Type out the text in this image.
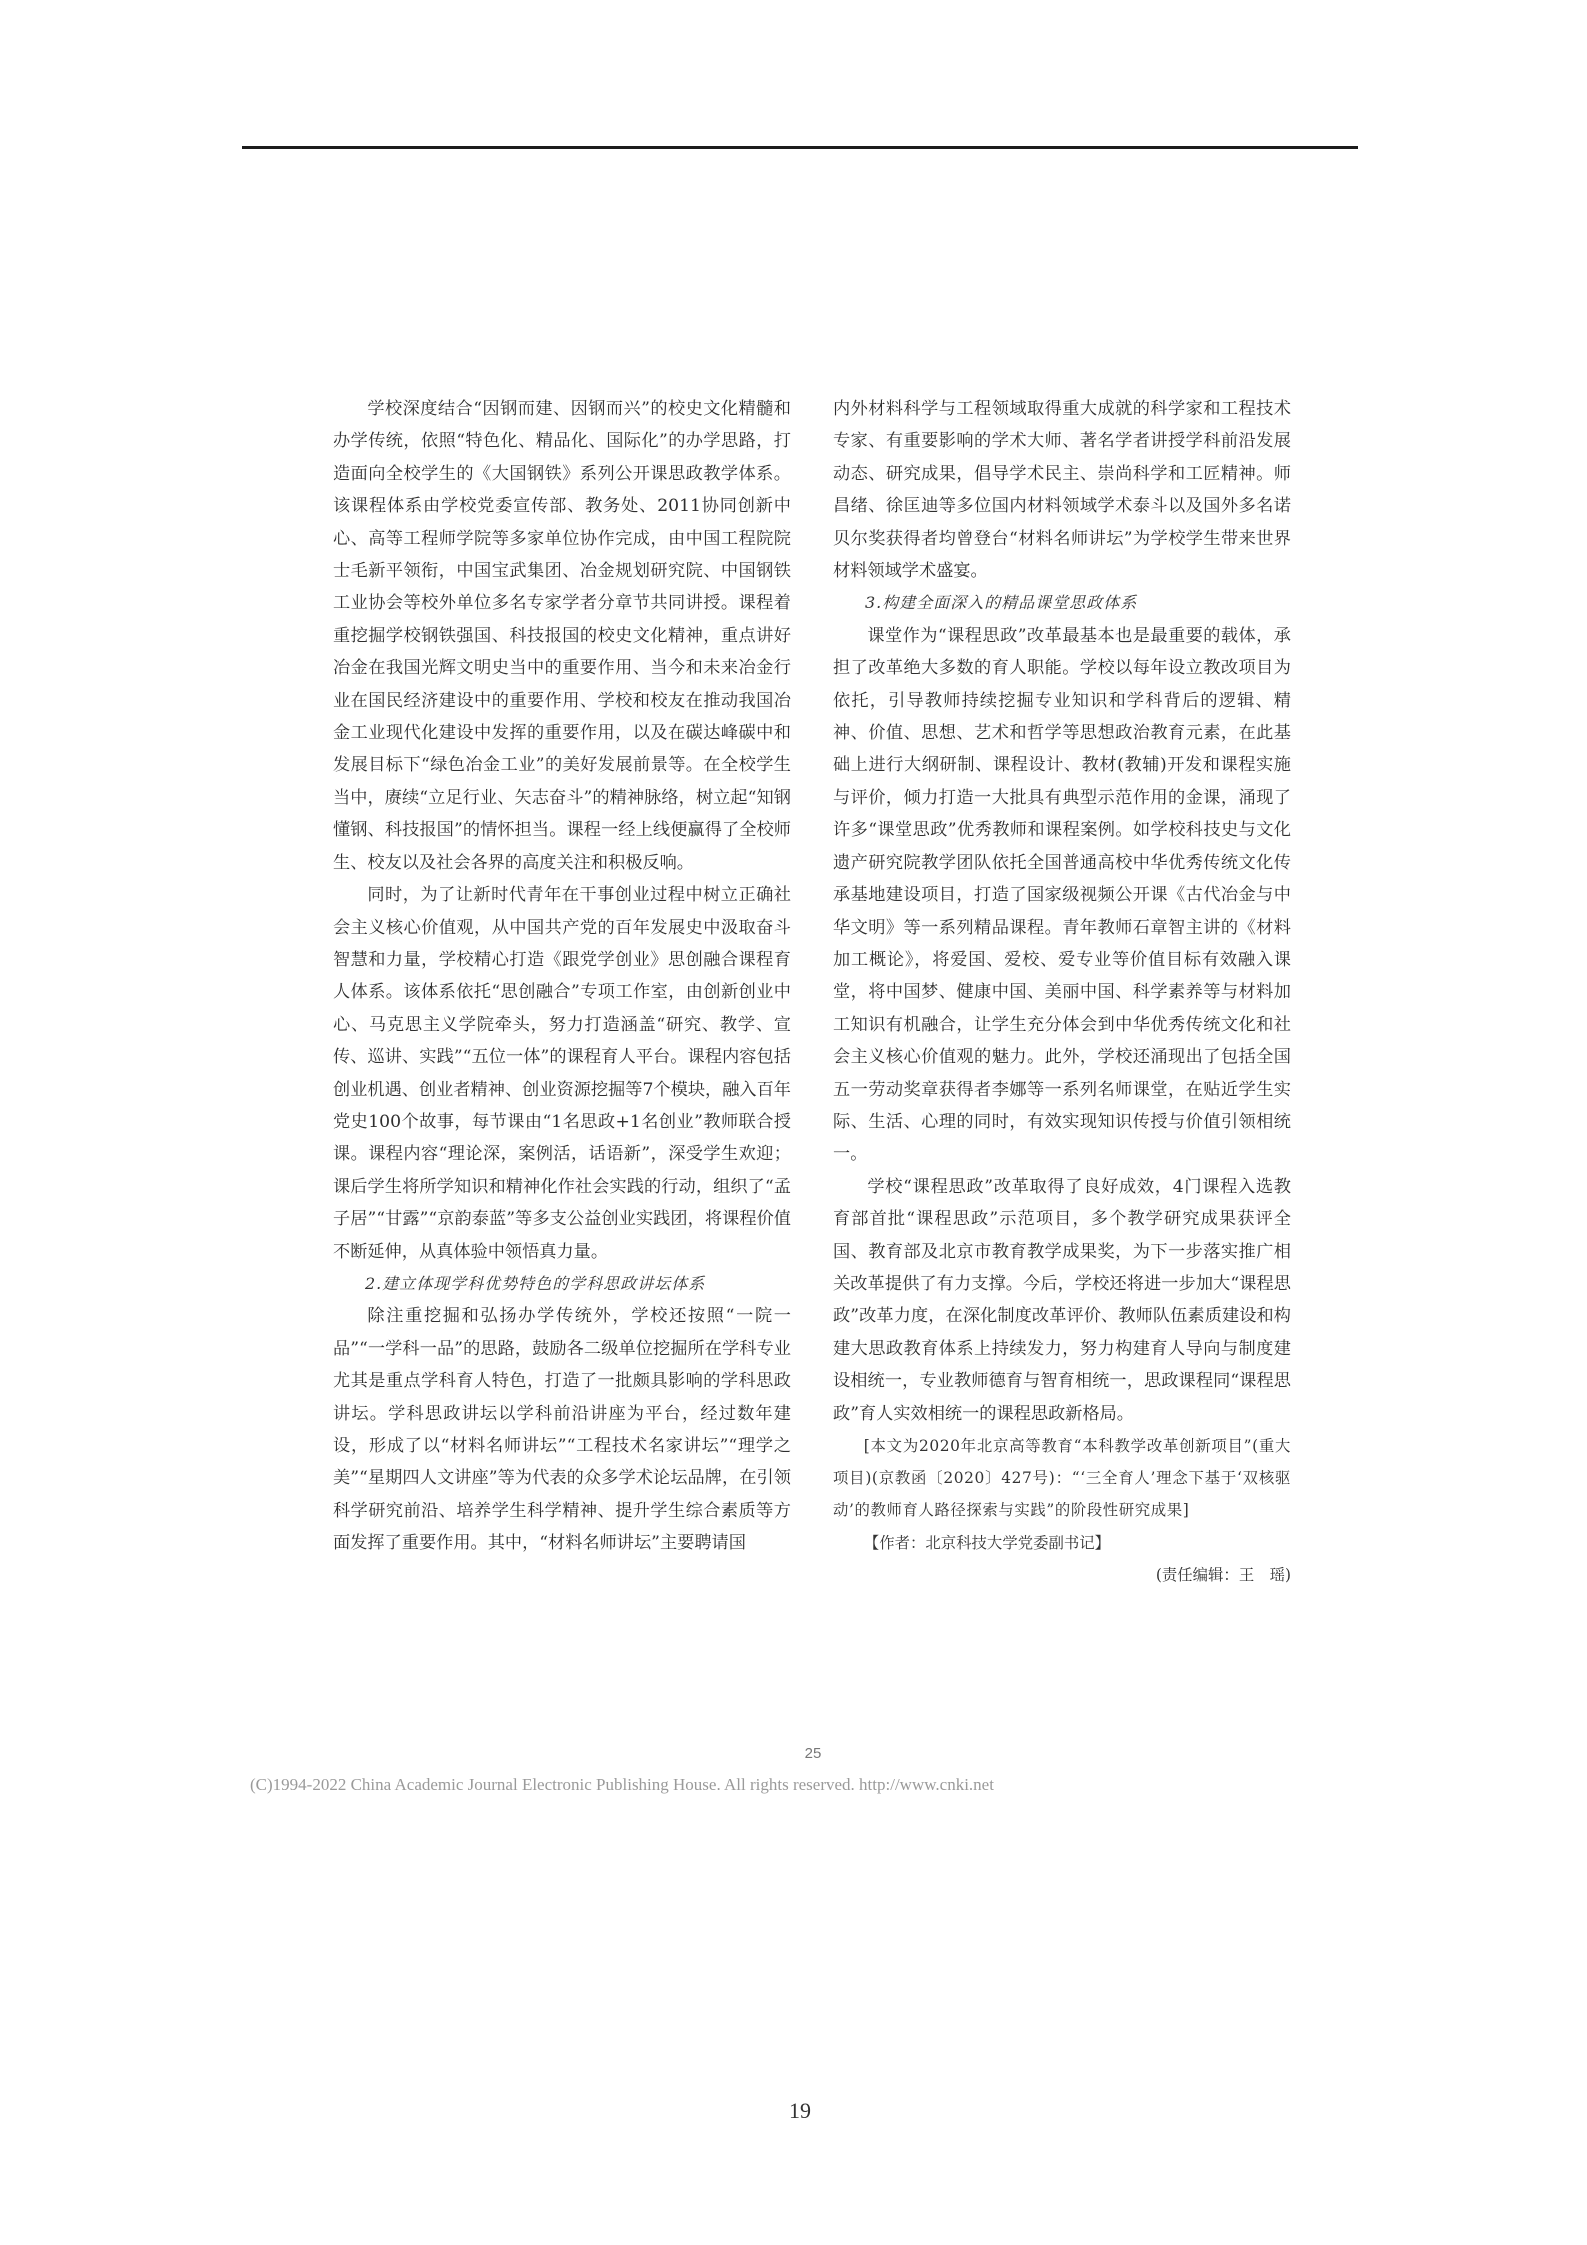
学校深度结合“因钢而建、因钢而兴”的校史文化精髓和办学传统，依照“特色化、精品化、国际化”的办学思路，打造面向全校学生的《大国钢铁》系列公开课思政教学体系。该课程体系由学校党委宣传部、教务处、2011协同创新中心、高等工程师学院等多家单位协作完成，由中国工程院院士毛新平领衔，中国宝武集团、冶金规划研究院、中国钢铁工业协会等校外单位多名专家学者分章节共同讲授。课程着重挖掘学校钢铁强国、科技报国的校史文化精神，重点讲好冶金在我国光辉文明史当中的重要作用、当今和未来冶金行业在国民经济建设中的重要作用、学校和校友在推动我国冶金工业现代化建设中发挥的重要作用，以及在碳达峰碳中和发展目标下“绿色冶金工业”的美好发展前景等。在全校学生当中，赓续“立足行业、矢志奋斗”的精神脉络，树立起“知钢懂钢、科技报国”的情怀担当。课程一经上线便赢得了全校师生、校友以及社会各界的高度关注和积极反响。

同时，为了让新时代青年在干事创业过程中树立正确社会主义核心价值观，从中国共产党的百年发展史中汲取奋斗智慧和力量，学校精心打造《跟党学创业》思创融合课程育人体系。该体系依托“思创融合”专项工作室，由创新创业中心、马克思主义学院牵头，努力打造涵盖“研究、教学、宣传、巡讲、实践”“五位一体”的课程育人平台。课程内容包括创业机遇、创业者精神、创业资源挖掘等7个模块，融入百年党史100个故事，每节课由“1名思政+1名创业”教师联合授课。课程内容“理论深，案例活，话语新”，深受学生欢迎；课后学生将所学知识和精神化作社会实践的行动，组织了“孟子居”“甘露”“京韵泰蓝”等多支公益创业实践团，将课程价值不断延伸，从真体验中领悟真力量。

2.建立体现学科优势特色的学科思政讲坛体系

除注重挖掘和弘扬办学传统外，学校还按照“一院一品”“一学科一品”的思路，鼓励各二级单位挖掘所在学科专业尤其是重点学科育人特色，打造了一批颇具影响的学科思政讲坛。学科思政讲坛以学科前沿讲座为平台，经过数年建设，形成了以“材料名师讲坛”“工程技术名家讲坛”“理学之美”“星期四人文讲座”等为代表的众多学术论坛品牌，在引领科学研究前沿、培养学生科学精神、提升学生综合素质等方面发挥了重要作用。其中，“材料名师讲坛”主要聘请国

内外材料科学与工程领域取得重大成就的科学家和工程技术专家、有重要影响的学术大师、著名学者讲授学科前沿发展动态、研究成果，倡导学术民主、崇尚科学和工匠精神。师昌绪、徐匡迪等多位国内材料领域学术泰斗以及国外多名诺贝尔奖获得者均曾登台“材料名师讲坛”为学校学生带来世界材料领域学术盛宴。

3.构建全面深入的精品课堂思政体系

课堂作为“课程思政”改革最基本也是最重要的载体，承担了改革绝大多数的育人职能。学校以每年设立教改项目为依托，引导教师持续挖掘专业知识和学科背后的逻辑、精神、价值、思想、艺术和哲学等思想政治教育元素，在此基础上进行大纲研制、课程设计、教材(教辅)开发和课程实施与评价，倾力打造一大批具有典型示范作用的金课，涌现了许多“课堂思政”优秀教师和课程案例。如学校科技史与文化遗产研究院教学团队依托全国普通高校中华优秀传统文化传承基地建设项目，打造了国家级视频公开课《古代冶金与中华文明》等一系列精品课程。青年教师石章智主讲的《材料加工概论》，将爱国、爱校、爱专业等价值目标有效融入课堂，将中国梦、健康中国、美丽中国、科学素养等与材料加工知识有机融合，让学生充分体会到中华优秀传统文化和社会主义核心价值观的魅力。此外，学校还涌现出了包括全国五一劳动奖章获得者李娜等一系列名师课堂，在贴近学生实际、生活、心理的同时，有效实现知识传授与价值引领相统一。

学校“课程思政”改革取得了良好成效，4门课程入选教育部首批“课程思政”示范项目，多个教学研究成果获评全国、教育部及北京市教育教学成果奖，为下一步落实推广相关改革提供了有力支撑。今后，学校还将进一步加大“课程思政”改革力度，在深化制度改革评价、教师队伍素质建设和构建大思政教育体系上持续发力，努力构建育人导向与制度建设相统一，专业教师德育与智育相统一，思政课程同“课程思政”育人实效相统一的课程思政新格局。

[本文为2020年北京高等教育“本科教学改革创新项目”(重大项目)(京教函〔2020〕427号)：“‘三全育人’理念下基于‘双核驱动’的教师育人路径探索与实践”的阶段性研究成果]

【作者：北京科技大学党委副书记】

(责任编辑：王　瑶)

25
(C)1994-2022 China Academic Journal Electronic Publishing House. All rights reserved. http://www.cnki.net
19
